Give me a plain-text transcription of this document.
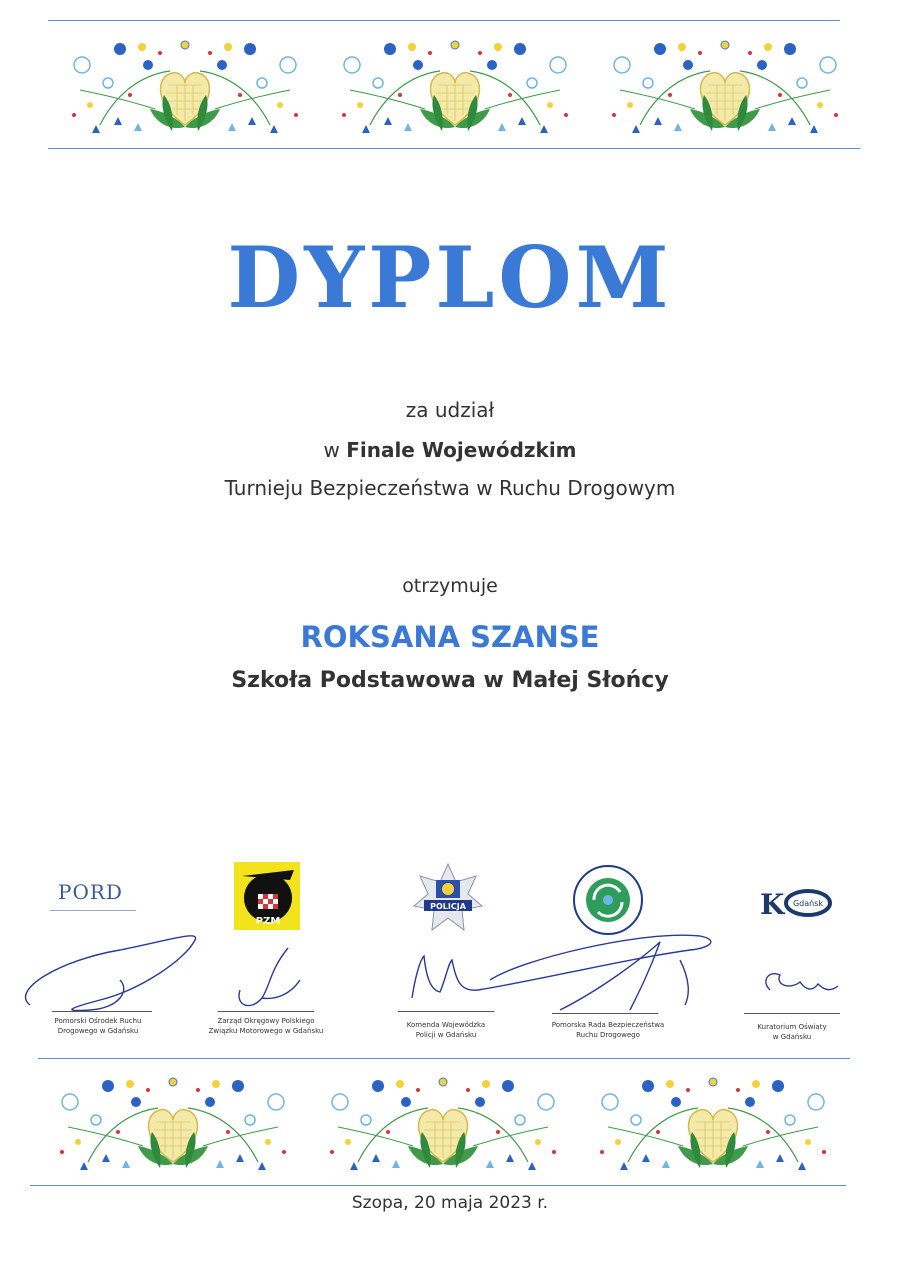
DYPLOM
za udział
w Finale Wojewódzkim
Turnieju Bezpieczeństwa w Ruchu Drogowym
otrzymuje
ROKSANA SZANSE
Szkoła Podstawowa w Małej Słońcy
PORD
PZM
POLICJA	K Gdańsk
Pomorski Ośrodek Ruchu
Drogowego w Gdańsku
Zarząd Okręgowy Polskiego
Związku Motorowego w Gdańsku
Komenda Wojewódzka
Policji w Gdańsku
Pomorska Rada Bezpieczeństwa
Ruchu Drogowego
Kuratorium Oświaty
w Gdańsku
Szopa, 20 maja 2023 r.
